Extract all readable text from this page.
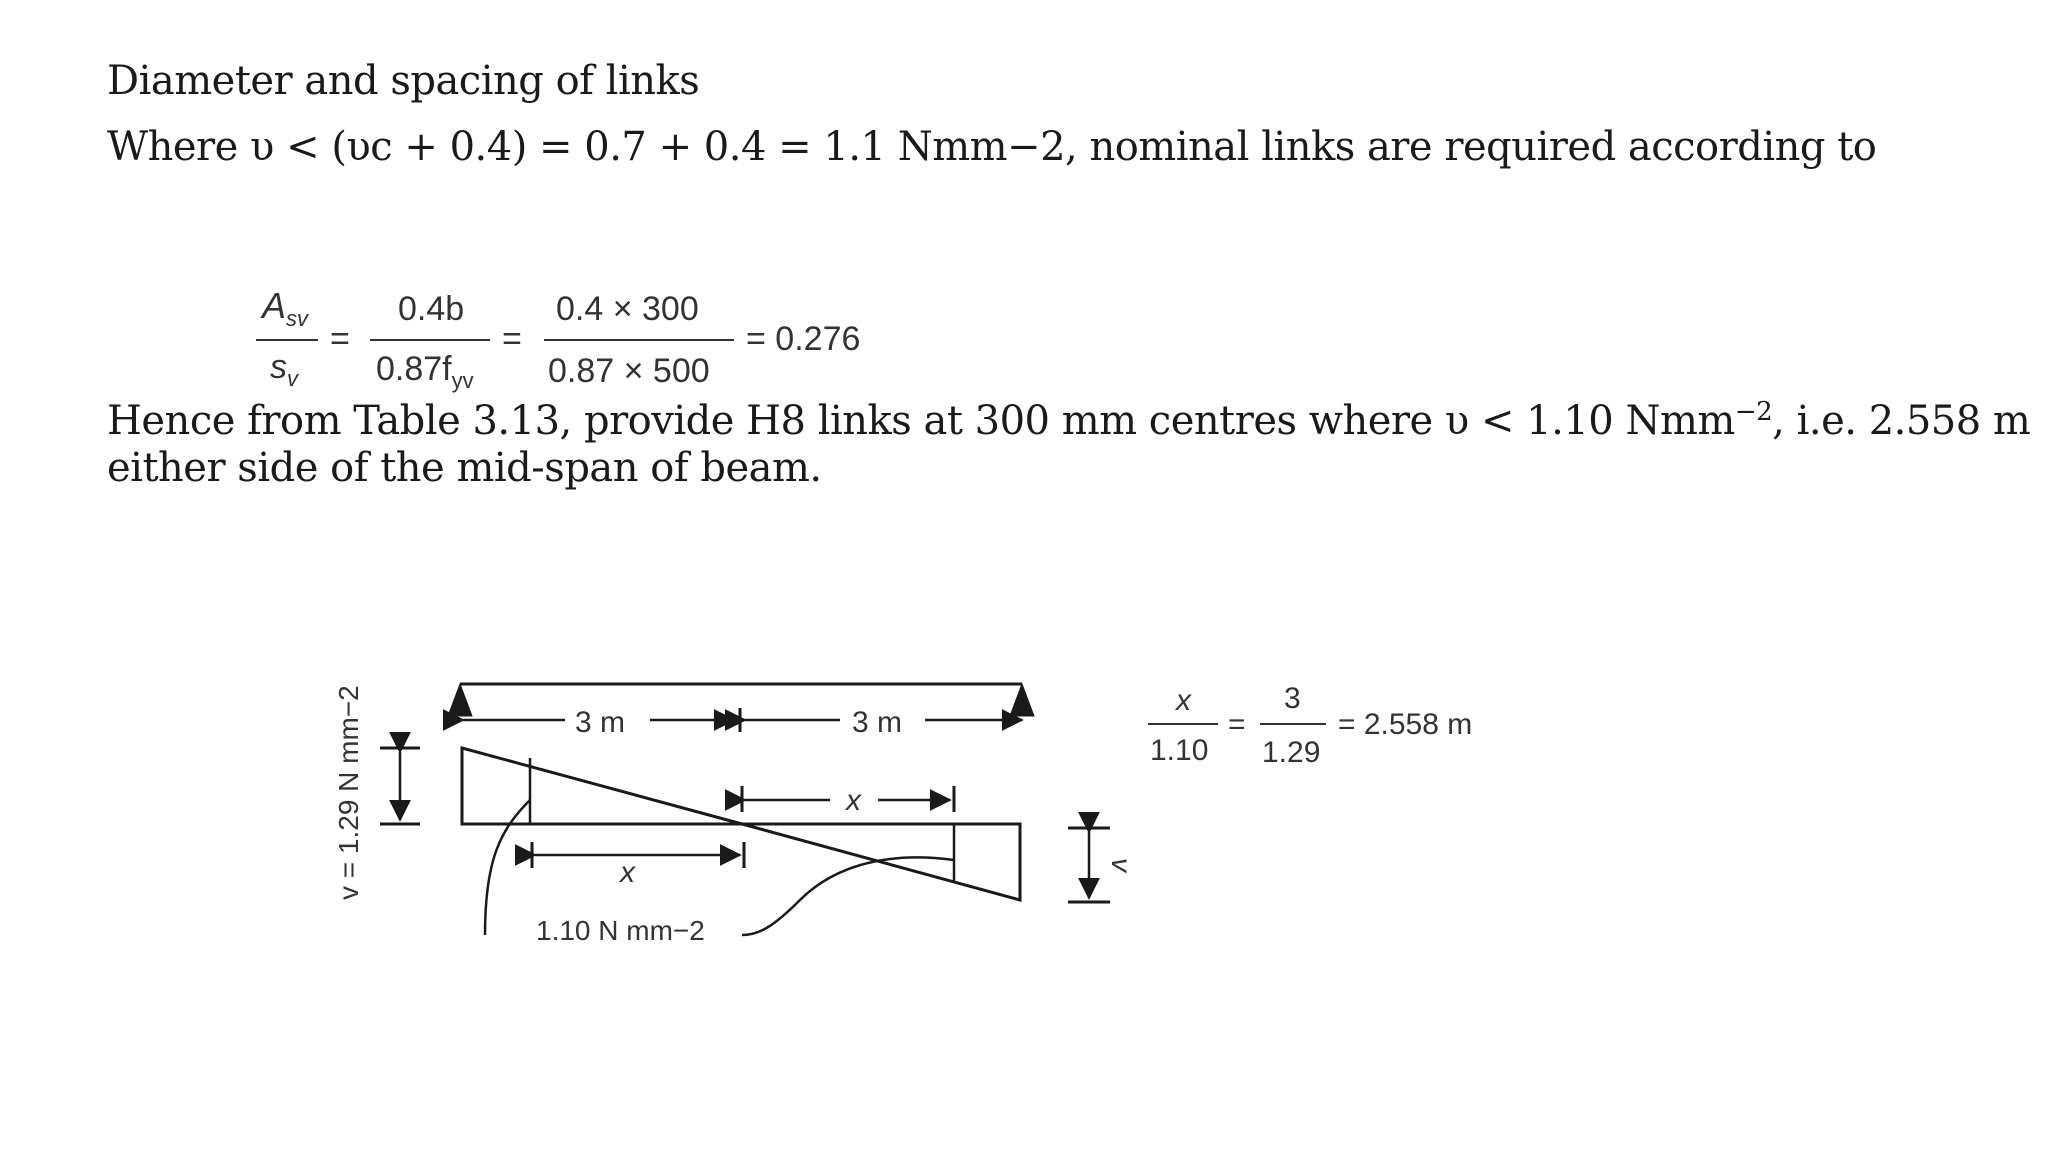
Diameter and spacing of links
Where υ < (υc + 0.4) = 0.7 + 0.4 = 1.1 Nmm−2, nominal links are required according to
Hence from Table 3.13, provide H8 links at 300 mm centres where υ < 1.10 Nmm$^{-2}$, i.e. 2.558 m
either side of the mid-span of beam.
$A_{sv}$
$s_v$
=
0.4b
$0.87f_{yv}$
=
0.4 × 300
0.87 × 500
= 0.276
3 m	3 m
x
x
1.10 N mm−2
v = 1.29 N mm−2	v
x
1.10
=
3
1.29
= 2.558 m
